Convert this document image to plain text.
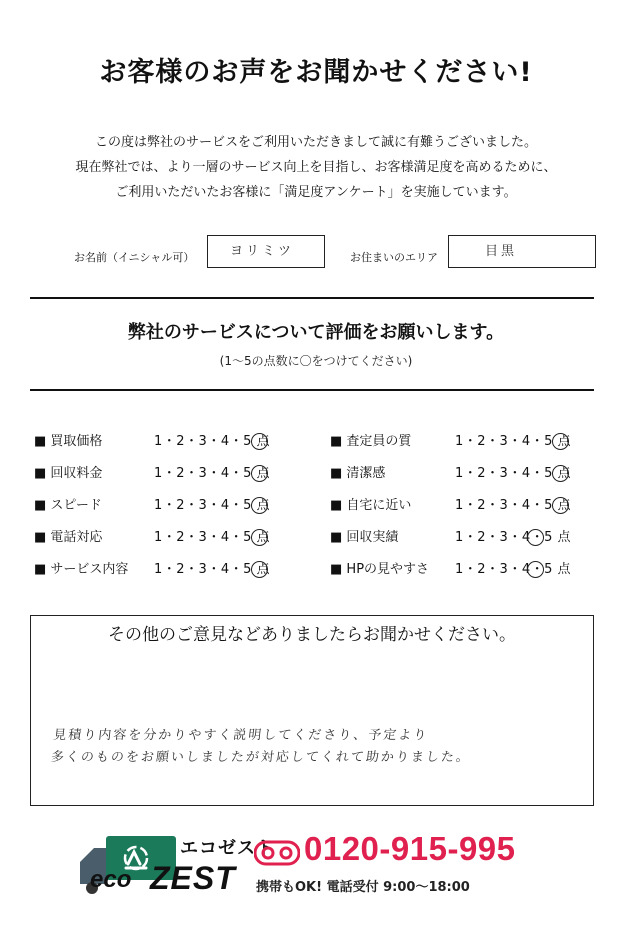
お客様のお声をお聞かせください!
この度は弊社のサービスをご利用いただきまして誠に有難うございました。
現在弊社では、より一層のサービス向上を目指し、お客様満足度を高めるために、
ご利用いただいたお客様に「満足度アンケート」を実施しています。
お名前（イニシャル可）	ヨリミツ	お住まいのエリア	目黒
弊社のサービスについて評価をお願いします。
(1〜5の点数に〇をつけてください)
■ 買取価格	1・2・3・4・5 点
■ 回収料金	1・2・3・4・5 点
■ スピード	1・2・3・4・5 点
■ 電話対応	1・2・3・4・5 点
■ サービス内容 1・2・3・4・5 点
■ 査定員の質	1・2・3・4・5 点
■ 清潔感	1・2・3・4・5 点
■ 自宅に近い	1・2・3・4・5 点
■ 回収実績	1・2・3・4・5 点
■ HPの見やすさ 1・2・3・4・5 点
その他のご意見などありましたらお聞かせください。
見積り内容を分かりやすく説明してくださり、予定より
多くのものをお願いしましたが対応してくれて助かりました。
エコゼスト
eco ZEST
0120-915-995
携帯もOK! 電話受付 9:00〜18:00
